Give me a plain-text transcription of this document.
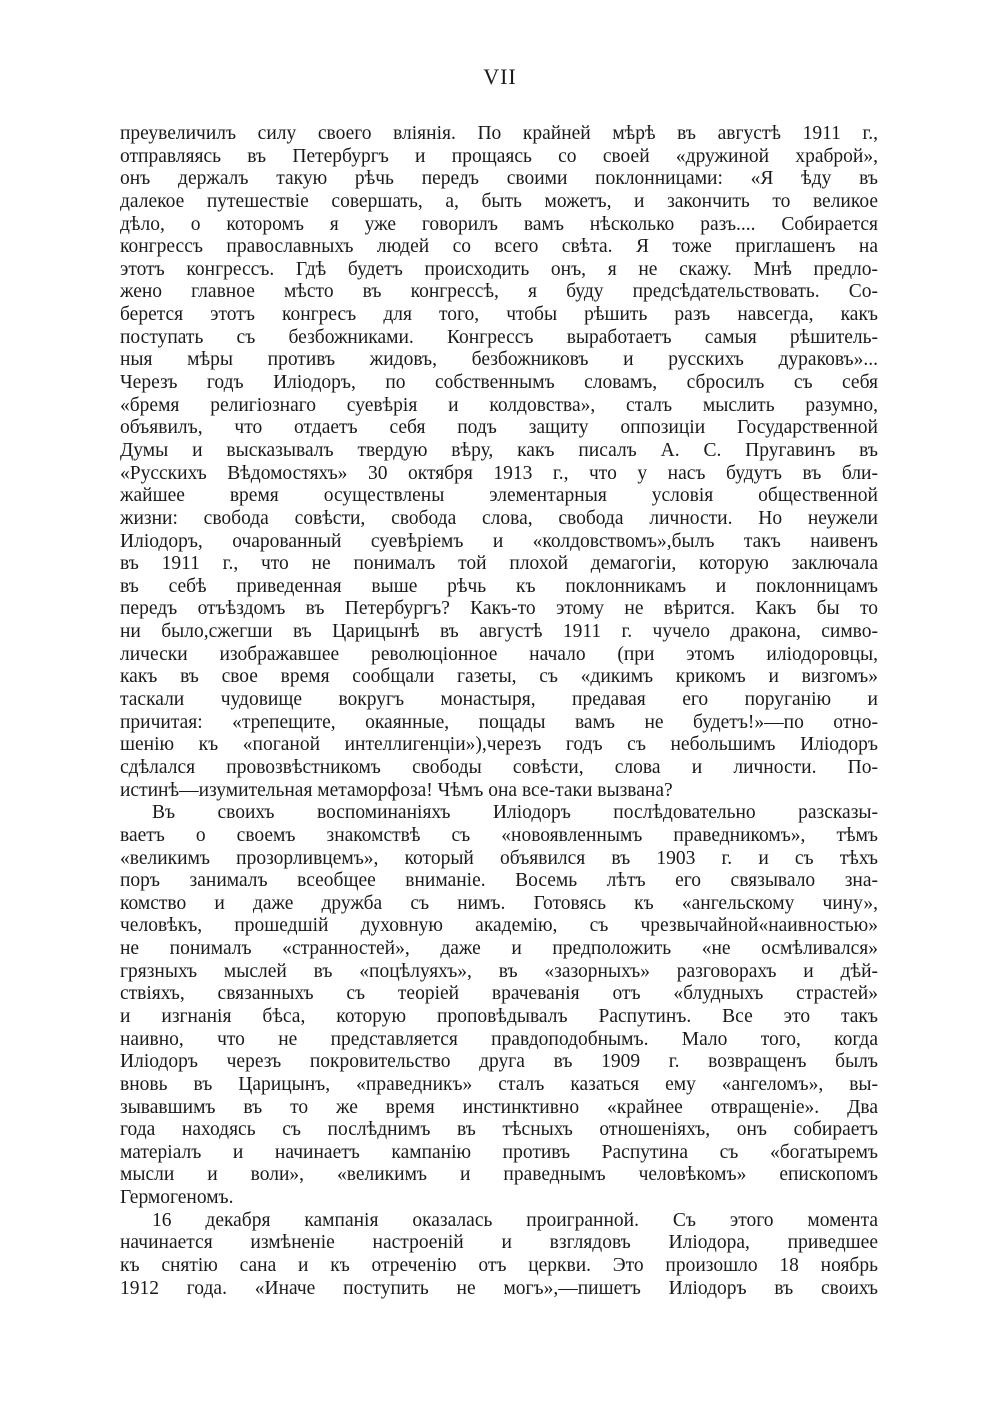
VII
преувеличилъ силу своего вліянія. По крайней мѣрѣ въ августѣ 1911 г.,
отправляясь въ Петербургъ и прощаясь со своей «дружиной храброй»,
онъ держалъ такую рѣчь передъ своими поклонницами: «Я ѣду въ
далекое путешествіе совершать, а, быть можетъ, и закончить то великое
дѣло, о которомъ я уже говорилъ вамъ нѣсколько разъ.... Собирается
конгрессъ православныхъ людей со всего свѣта. Я тоже приглашенъ на
этотъ конгрессъ. Гдѣ будетъ происходить онъ, я не скажу. Мнѣ предло-
жено главное мѣсто въ конгрессѣ, я буду предсѣдательствовать. Со-
берется этотъ конгресъ для того, чтобы рѣшить разъ навсегда, какъ
поступать съ безбожниками. Конгрессъ выработаетъ самыя рѣшитель-
ныя мѣры противъ жидовъ, безбожниковъ и русскихъ дураковъ»...
Черезъ годъ Иліодоръ, по собственнымъ словамъ, сбросилъ съ себя
«бремя религіознаго суевѣрія и колдовства», сталъ мыслить разумно,
объявилъ, что отдаетъ себя подъ защиту оппозиціи Государственной
Думы и высказывалъ твердую вѣру, какъ писалъ А. С. Пругавинъ въ
«Русскихъ Вѣдомостяхъ» 30 октября 1913 г., что у насъ будутъ въ бли-
жайшее время осуществлены элементарныя условія общественной
жизни: свобода совѣсти, свобода слова, свобода личности. Но неужели
Иліодоръ, очарованный суевѣріемъ и «колдовствомъ»,былъ такъ наивенъ
въ 1911 г., что не понималъ той плохой демагогіи, которую заключала
въ себѣ приведенная выше рѣчь къ поклонникамъ и поклонницамъ
передъ отъѣздомъ въ Петербургъ? Какъ-то этому не вѣрится. Какъ бы то
ни было,сжегши въ Царицынѣ въ августѣ 1911 г. чучело дракона, симво-
лически изображавшее революціонное начало (при этомъ иліодоровцы,
какъ въ свое время сообщали газеты, съ «дикимъ крикомъ и визгомъ»
таскали чудовище вокругъ монастыря, предавая его поруганію и
причитая: «трепещите, окаянные, пощады вамъ не будетъ!»—по отно-
шенію къ «поганой интеллигенціи»),черезъ годъ съ небольшимъ Иліодоръ
сдѣлался провозвѣстникомъ свободы совѣсти, слова и личности. По-
истинѣ—изумительная метаморфоза! Чѣмъ она все-таки вызвана?
Въ своихъ воспоминаніяхъ Иліодоръ послѣдовательно разсказы-
ваетъ о своемъ знакомствѣ съ «новоявленнымъ праведникомъ», тѣмъ
«великимъ прозорливцемъ», который объявился въ 1903 г. и съ тѣхъ
поръ занималъ всеобщее вниманіе. Восемь лѣтъ его связывало зна-
комство и даже дружба съ нимъ. Готовясь къ «ангельскому чину»,
человѣкъ, прошедшій духовную академію, съ чрезвычайной«наивностью»
не понималъ «странностей», даже и предположить «не осмѣливался»
грязныхъ мыслей въ «поцѣлуяхъ», въ «зазорныхъ» разговорахъ и дѣй-
ствіяхъ, связанныхъ съ теоріей врачеванія отъ «блудныхъ страстей»
и изгнанія бѣса, которую проповѣдывалъ Распутинъ. Все это такъ
наивно, что не представляется правдоподобнымъ. Мало того, когда
Иліодоръ черезъ покровительство друга въ 1909 г. возвращенъ былъ
вновь въ Царицынъ, «праведникъ» сталъ казаться ему «ангеломъ», вы-
зывавшимъ въ то же время инстинктивно «крайнее отвращеніе». Два
года находясь съ послѣднимъ въ тѣсныхъ отношеніяхъ, онъ собираетъ
матеріалъ и начинаетъ кампанію противъ Распутина съ «богатыремъ
мысли и воли», «великимъ и праведнымъ человѣкомъ» епископомъ
Гермогеномъ.
16 декабря кампанія оказалась проигранной. Съ этого момента
начинается измѣненіе настроеній и взглядовъ Иліодора, приведшее
къ снятію сана и къ отреченію отъ церкви. Это произошло 18 ноябрь
1912 года. «Иначе поступить не могъ»,—пишетъ Иліодоръ въ своихъ
